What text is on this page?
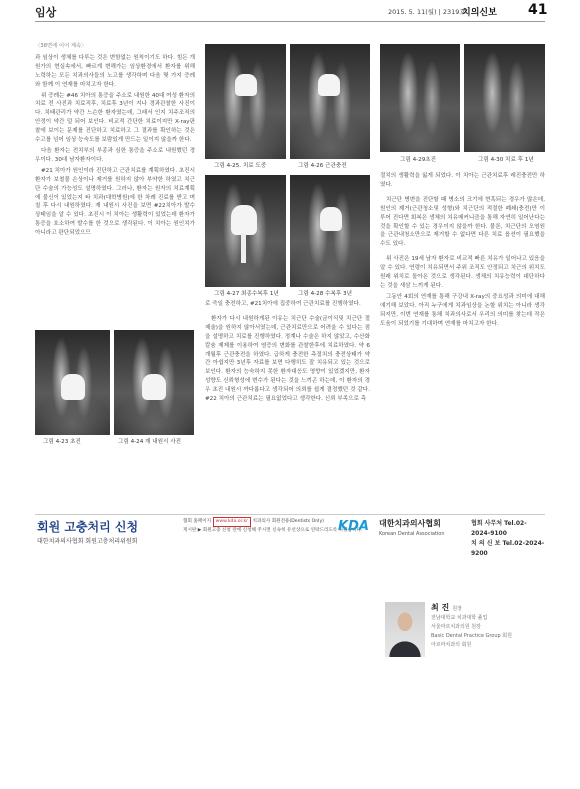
임상	2015. 5. 11(월) | 2319호
치의신보 41

〈38면에 이어 계속〉

과 임상이 생체를 다루는 것은 변함없는 원칙이기도 하다. 힘든 개원가의 현실속에서, 빠르게 변해가는 임상환경에서 환자를 위해 노력하는 모든 치과의사들의 노고를 생각하며 다음 몇 가지 증례와 함께 이 연재를 마치고자 한다.

위 증례는 #46 치아의 통증을 주소로 내원한 40대 여성 환자의 치료 전 사진과 치료직후, 치료후 3년이 지나 경과관찰한 사진이다. 치태관리가 약간 느슨한 환자였는데, 그래서 인지 치주조직의 안정이 약간 덜 되어 보인다. 비교적 간단한 치료이지만 X-ray판찰에 보이는 문제를 진단하고 치료하고 그 결과를 확인하는 것은 수고를 넘어 임상 능숙도를 보람있게 만드는 일이지 않을까 한다.

다음 환자는 전치부의 부종과 심한 통증을 주소로 내원했던 경우이다. 30대 남자환자이다.

#21 치아가 원인이라 진단하고 근관치료를 계획하였다. 초진시 환자가 보철물 손상이나 제거를 원하지 않아 부약한 하였고 치근단 수술의 가능성도 설명하였다. 그러나, 환자는 원자의 치료계획에 불신이 있었는지 타 치과(대학병원)에 한 차례 진료를 받고 며칠 후 다시 내원하였다. 재 내원시 사진을 보면 #22치아가 발수 상태임을 알 수 있다. 초진시 이 치아는 생활력이 있었는데 환자가 통증을 호소하여 발수를 한 것으로 생각된다. 이 치아는 원인치가 아니라고 판단되었으므

그림 4-25. 치료 도중	그림 4-26 근관충전
그림 4-27 최종수복후 1년	그림 4-28 수복후 3년
그림 4-29초진	그림 4-30 치료 후 1년
그림 4-23 초진	그림 4-24 재 내원시 사진

로 즉일 충전하고, #21치아에 집중하여 근관치료를 진행하였다.

환자가 다시 내원하게된 이유는 치근단 수술(금이식및 치근단 절제술)을 원하지 않아서였는데, 근관치료만으로 어려울 수 있다는 점을 설명하고 치료를 진행하였다. 정계나 수술은 하지 않았고, 수산화칼슘 제제를 이용하여 염증의 변화를 관찰한후에 치료하였다. 약 6 개월후 근관충전을 하였다. 급하게 충전한 측절치의 충전상태가 약간 아쉽지만 3년후 자료를 보면 다행히도 잘 치유되고 있는 것으로 보인다. 환자의 능숙하지 못한 환자대응도 영향이 있었겠지만, 환자 성향도 신뢰형성에 변수가 된다는 것을 느끼곤 하는데, 이 환자의 경우 초진 내원시 까다롭다고 생각되어 의뢰를 쉽게 결정했던 것 같다. #22 치아의 근관치료는 필요없었다고 생각한다. 신뢰 부족으로 측

절치의 생활력을 잃게 되었다. 이 치아는 근관치료후 레진충전만 하였다.

치근단 병변을 진단할 때 병소의 크기에 현혹되는 경우가 많은데, 원인의 제거(근관청소및 성형)와 치근단의 적절한 폐쇄(충전)만 이루어 진다면 회복은 생체의 치유메커니즘을 통해 자연히 일어난다는 것을 확인할 수 있는 경우이지 않을까 한다. 물론, 치근단의 오염원을 근관내청소만으로 제거할 수 없다면 다른 치료 옵션이 필요했을 수도 있다.

위 사진은 19세 남자 환자로 비교적 빠른 치유가 일어나고 있음을 알 수 있다. 연령이 치유되면서 주위 조직도 안정되고 치근의 위치도 원래 위치로 돌아온 것으로 생각된다. 생체의 치유능력이 대단하다는 것을 새삼 느끼게 된다.

그동안 4회의 연재를 통해 구강내 X-ray의 중요성과 의미에 대해 얘기해 보았다. 아직 누구에게 치과임상을 논할 위치는 아니라 생각되지만, 이번 연재를 통해 치과의사로서 우리의 의미를 찾는데 작은 도움이 되었기를 기대하며 연재를 마치고자 한다.

최 진 원장
전남대학교 치과대학 졸업
서울마르치과의원 원장
Basic Dental Practice Group 회원
아르마치과의 회원
회원 고충처리 신청
대한치과의사협회 회원고충처리위원회
협회 홈페이지 www.kda.or.kr 치과의사 회원전용(Dentists Only)
게시판 ▶ 회원고충 신청 란에 신청해 주시면 신속히 유선상으로 연락드리도록 하겠습니다.
KDA 대한치과의사협회
Korean Dental Association
협회 사무처 Tel.02-2024-9100
치 의 신 보 Tel.02-2024-9200
